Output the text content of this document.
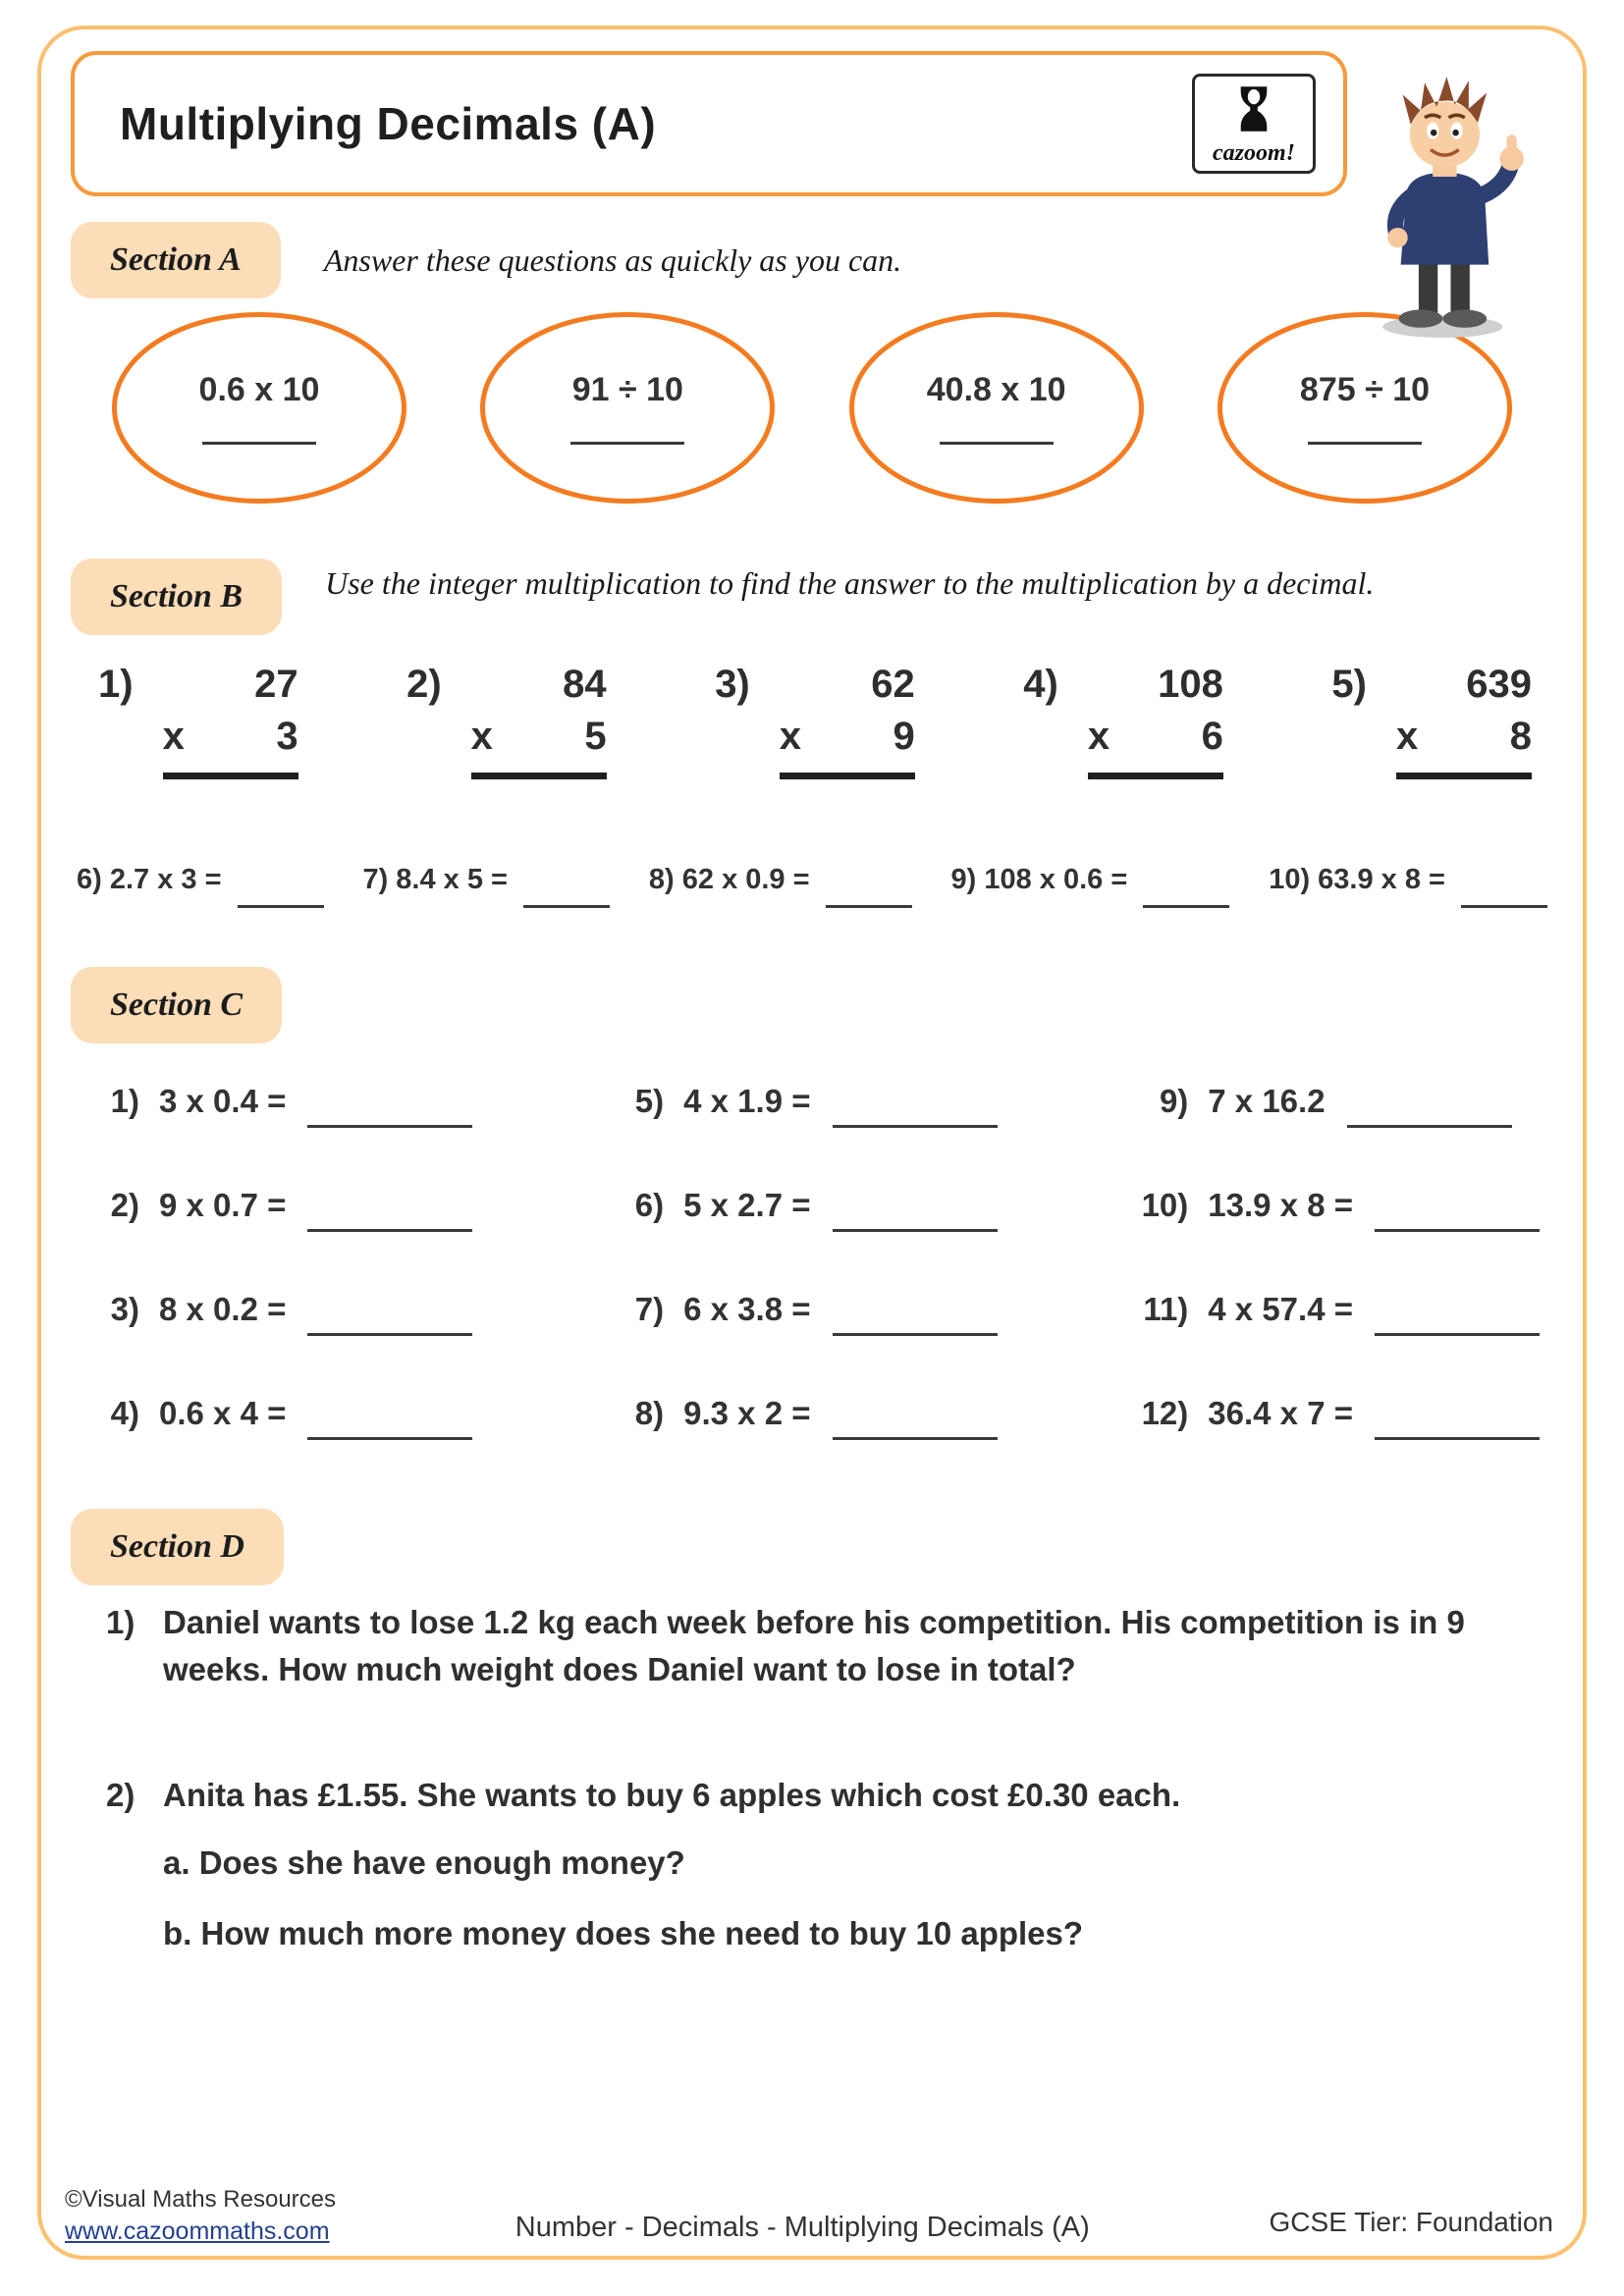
Multiplying Decimals (A)
cazoom!
Section A	Answer these questions as quickly as you can.
0.6 x 10	91 ÷ 10	40.8 x 10	875 ÷ 10
Section B	Use the integer multiplication to find the answer to the multiplication by a decimal.
1)	27
x 3
2)	84
x 5
3)	62
x 9
4)	108
x 6
5)	639
x 8
6) 2.7 x 3 =	7) 8.4 x 5 =	8) 62 x 0.9 =	9) 108 x 0.6 =	10) 63.9 x 8 =
Section C
1) 3 x 0.4 =
2) 9 x 0.7 =
3) 8 x 0.2 =
4) 0.6 x 4 =
5) 4 x 1.9 =
6) 5 x 2.7 =
7) 6 x 3.8 =
8) 9.3 x 2 =
9) 7 x 16.2
10) 13.9 x 8 =
11) 4 x 57.4 =
12) 36.4 x 7 =
Section D
1) Daniel wants to lose 1.2 kg each week before his competition. His competition is in 9 weeks. How much weight does Daniel want to lose in total?
2) Anita has £1.55. She wants to buy 6 apples which cost £0.30 each.
a. Does she have enough money?
b. How much more money does she need to buy 10 apples?
©Visual Maths Resources
www.cazoommaths.com	Number - Decimals - Multiplying Decimals (A)	GCSE Tier: Foundation
